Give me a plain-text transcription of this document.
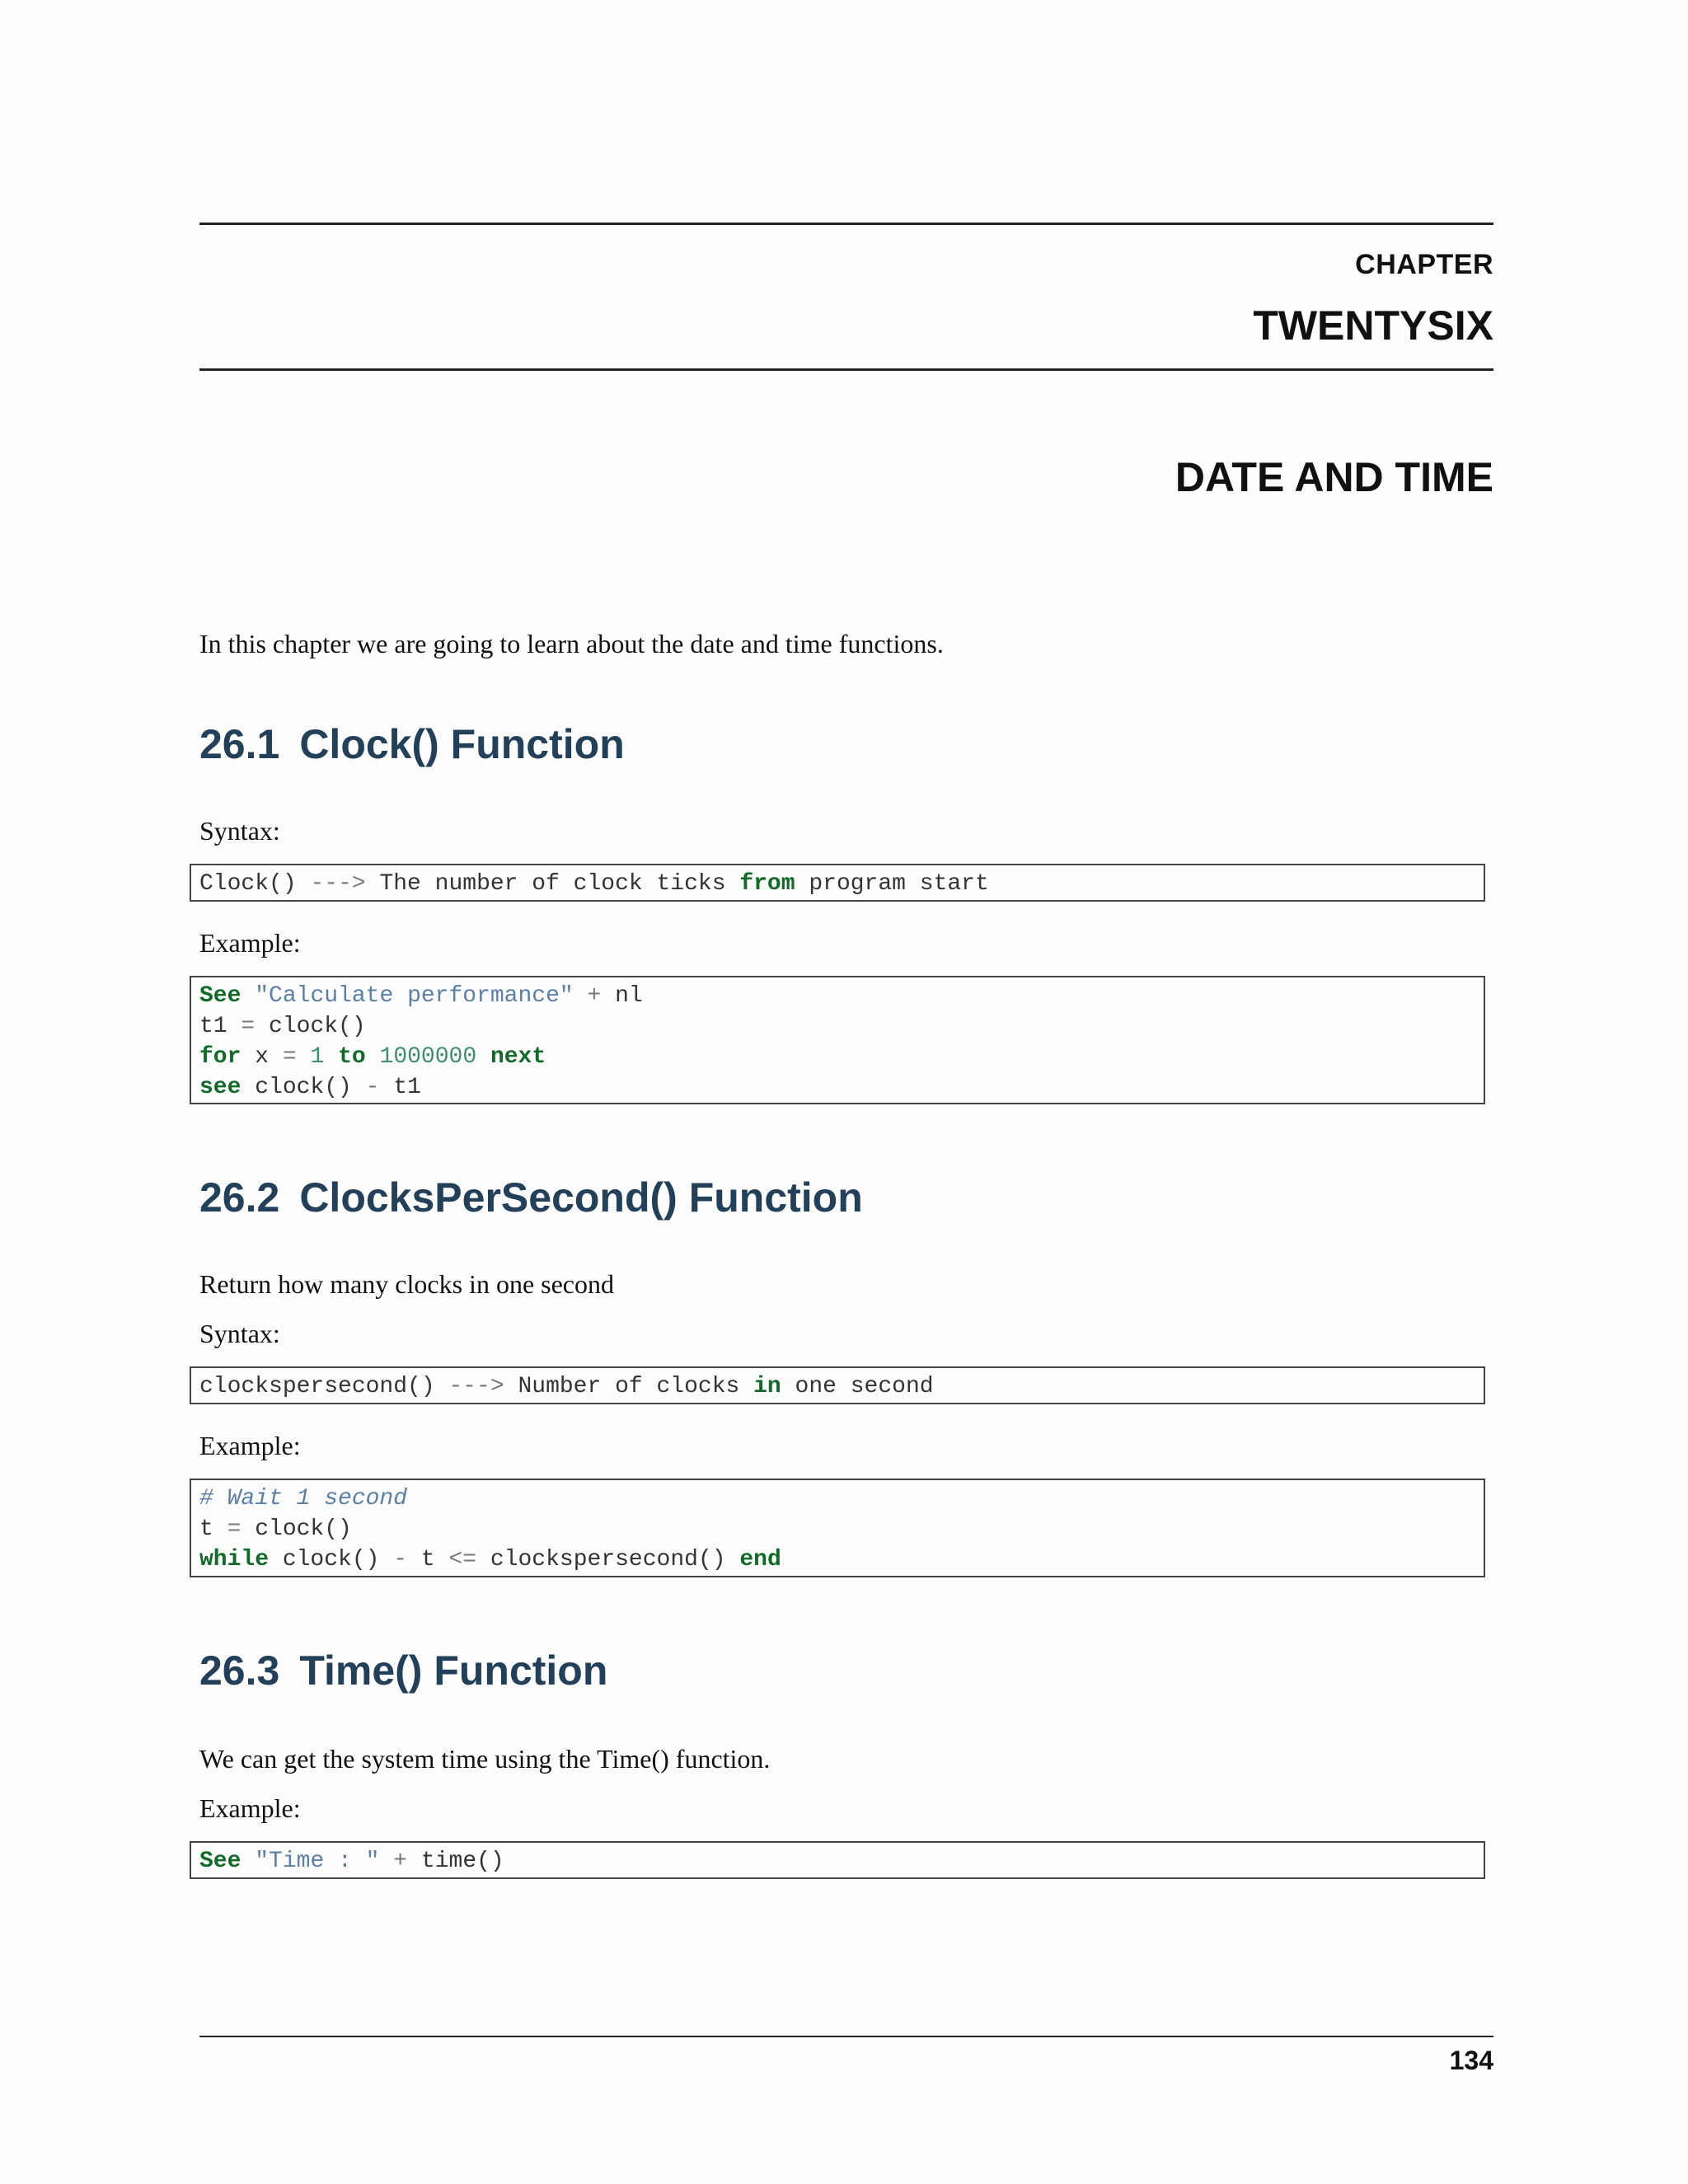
CHAPTER
TWENTYSIX
DATE AND TIME
In this chapter we are going to learn about the date and time functions.
26.1 Clock() Function
Syntax:
Clock() ---> The number of clock ticks from program start
Example:
See "Calculate performance" + nl
t1 = clock()
for x = 1 to 1000000 next
see clock() - t1
26.2 ClocksPerSecond() Function
Return how many clocks in one second
Syntax:
clockspersecond() ---> Number of clocks in one second
Example:
# Wait 1 second
t = clock()
while clock() - t <= clockspersecond() end
26.3 Time() Function
We can get the system time using the Time() function.
Example:
See "Time : " + time()
134
